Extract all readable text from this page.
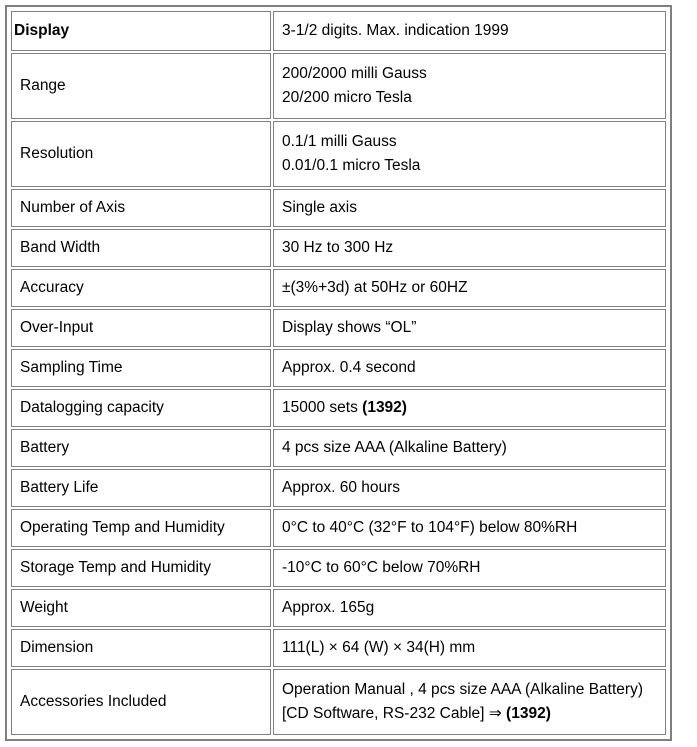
Display	3-1/2 digits. Max. indication 1999
Range	200/2000 milli Gauss
20/200 micro Tesla

Resolution	0.1/1 milli Gauss
0.01/0.1 micro Tesla

Number of Axis	Single axis
Band Width	30 Hz to 300 Hz
Accuracy	±(3%+3d) at 50Hz or 60HZ
Over-Input	Display shows “OL”
Sampling Time	Approx. 0.4 second
Datalogging capacity	15000 sets (1392)
Battery	4 pcs size AAA (Alkaline Battery)
Battery Life	Approx. 60 hours
Operating Temp and Humidity	0°C to 40°C (32°F to 104°F) below 80%RH
Storage Temp and Humidity	-10°C to 60°C below 70%RH
Weight	Approx. 165g
Dimension	111(L) × 64 (W) × 34(H) mm
Accessories Included	Operation Manual , 4 pcs size AAA (Alkaline Battery)
[CD Software, RS-232 Cable] ⇒ (1392)
